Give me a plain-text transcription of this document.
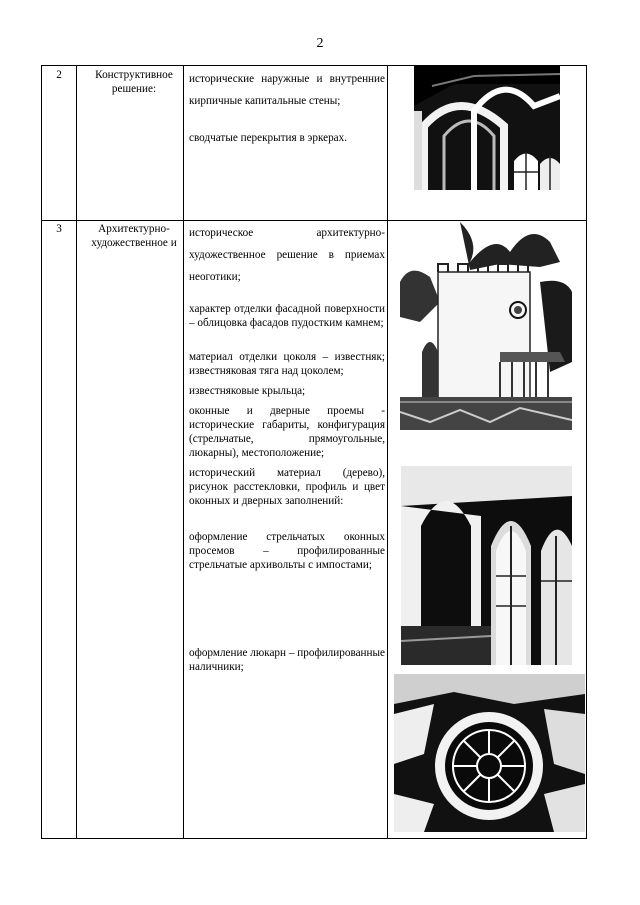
2
2	Конструктивное решение:

исторические наружные и внутренние кирпичные капитальные стены;

сводчатые перекрытия в эркерах.

3	Архитектурно-художественное и

историческое архитектурно-художественное решение в приемах неоготики;

характер отделки фасадной поверхности – облицовка фасадов пудостким камнем;

материал отделки цоколя – известняк; известняковая тяга над цоколем;

известняковые крыльца;

оконные и дверные проемы - исторические габариты, конфигурация (стрельчатые, прямоугольные, люкарны), местоположение;

исторический материал (дерево), рисунок расстекловки, профиль и цвет оконных и дверных заполнений:

оформление стрельчатых оконных просемов – профилированные стрельчатые архивольты с импостами;

оформление люкарн – профилированные наличники;
